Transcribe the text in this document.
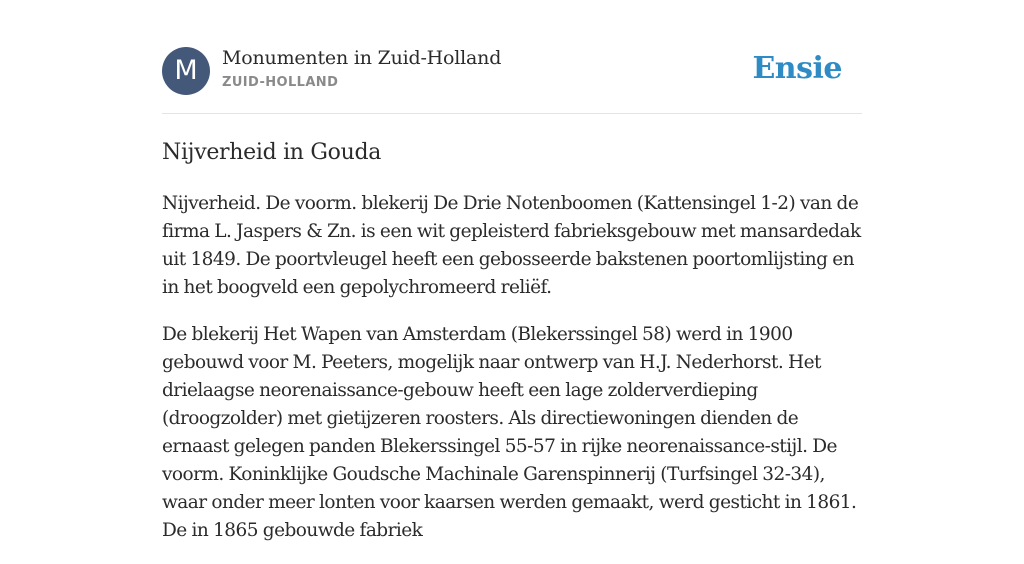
M	Monumenten in Zuid-Holland
ZUID-HOLLAND	Ensie
Nijverheid in Gouda

Nijverheid. De voorm. blekerij De Drie Notenboomen (Kattensingel 1-2) van de firma L. Jaspers & Zn. is een wit gepleisterd fabrieksgebouw met mansardedak uit 1849. De poortvleugel heeft een gebosseerde bakstenen poortomlijsting en in het boogveld een gepolychromeerd reliëf.

De blekerij Het Wapen van Amsterdam (Blekerssingel 58) werd in 1900 gebouwd voor M. Peeters, mogelijk naar ontwerp van H.J. Nederhorst. Het drielaagse neorenaissance-gebouw heeft een lage zolderverdieping (droogzolder) met gietijzeren roosters. Als directiewoningen dienden de ernaast gelegen panden Blekerssingel 55-57 in rijke neorenaissance-stijl. De voorm. Koninklijke Goudsche Machinale Garenspinnerij (Turfsingel 32-34), waar onder meer lonten voor kaarsen werden gemaakt, werd gesticht in 1861. De in 1865 gebouwde fabriek
